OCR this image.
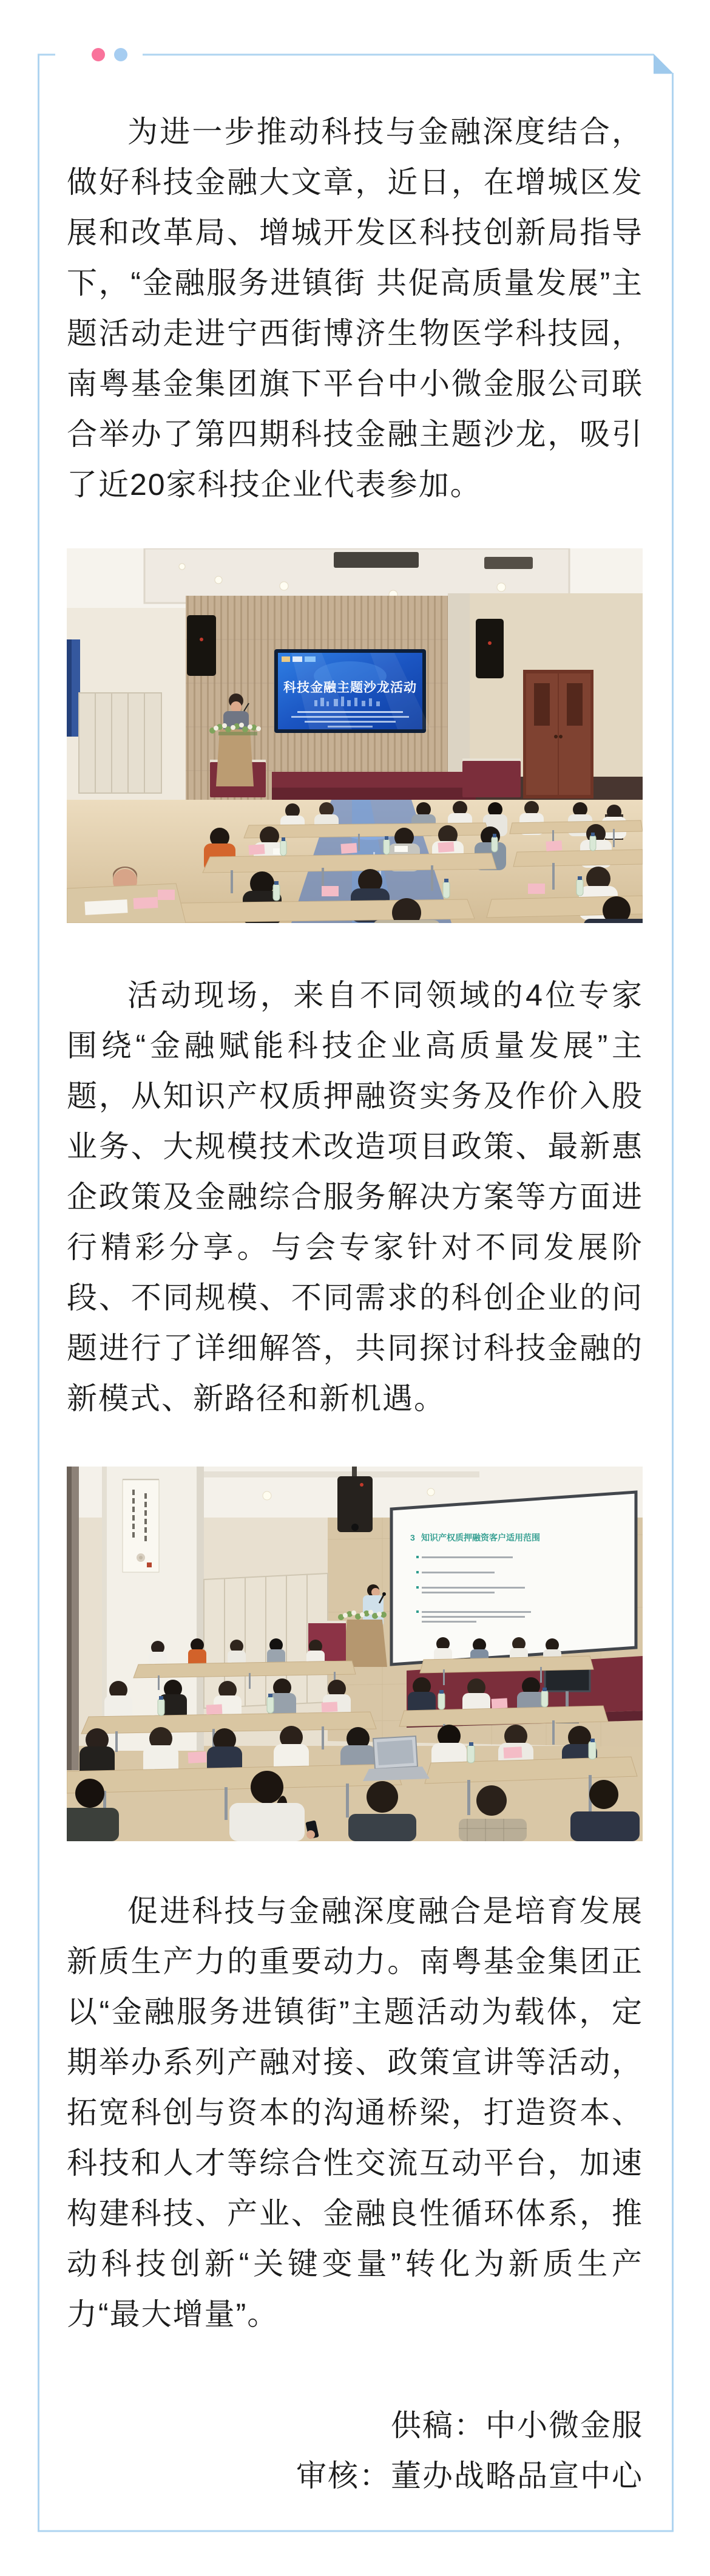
为进一步推动科技与金融深度结合，做好科技金融大文章，近日，在增城区发展和改革局、增城开发区科技创新局指导下，“金融服务进镇街 共促高质量发展”主题活动走进宁西街博济生物医学科技园，南粤基金集团旗下平台中小微金服公司联合举办了第四期科技金融主题沙龙，吸引了近20家科技企业代表参加。

科技金融主题沙龙活动

活动现场，来自不同领域的4位专家围绕“金融赋能科技企业高质量发展”主题，从知识产权质押融资实务及作价入股业务、大规模技术改造项目政策、最新惠企政策及金融综合服务解决方案等方面进行精彩分享。与会专家针对不同发展阶段、不同规模、不同需求的科创企业的问题进行了详细解答，共同探讨科技金融的新模式、新路径和新机遇。

3 知识产权质押融资客户适用范围

促进科技与金融深度融合是培育发展新质生产力的重要动力。南粤基金集团正以“金融服务进镇街”主题活动为载体，定期举办系列产融对接、政策宣讲等活动，拓宽科创与资本的沟通桥梁，打造资本、科技和人才等综合性交流互动平台，加速构建科技、产业、金融良性循环体系，推动科技创新“关键变量”转化为新质生产力“最大增量”。

供稿：中小微金服
审核：董办战略品宣中心
